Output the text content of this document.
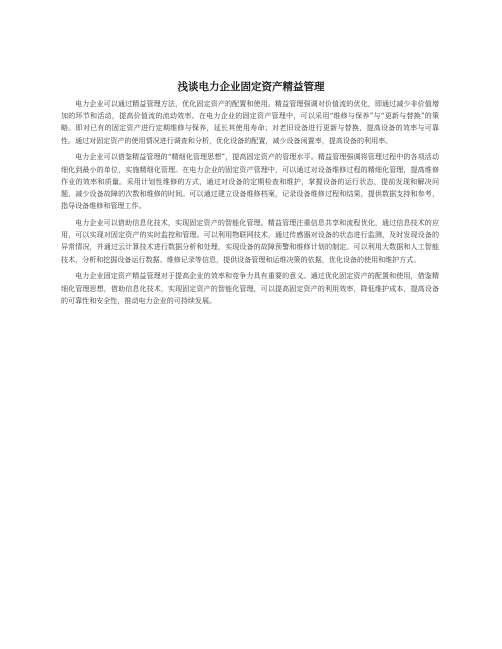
浅谈电力企业固定资产精益管理

电力企业可以通过精益管理方法，优化固定资产的配置和使用。精益管理强调对价值流的优化，即通过减少非价值增加的环节和活动，提高价值流的流动效率。在电力企业的固定资产管理中，可以采用“维修与保养”与“更新与替换”的策略。即对已有的固定资产进行定期维修与保养，延长其使用寿命；对老旧设备进行更新与替换，提高设备的效率与可靠性。通过对固定资产的使用情况进行调查和分析，优化设备的配置，减少设备闲置率，提高设备的利用率。

电力企业可以借鉴精益管理的“精细化管理思想”，提高固定资产的管理水平。精益管理强调将管理过程中的各项活动细化到最小的单位，实施精细化管理。在电力企业的固定资产管理中，可以通过对设备维修过程的精细化管理，提高维修作业的效率和质量。采用计划性维修的方式，通过对设备的定期检查和维护，掌握设备的运行状态，提前发现和解决问题，减少设备故障的次数和维修的时间。可以通过建立设备维修档案，记录设备维修过程和结果，提供数据支持和参考，指导设备维修和管理工作。

电力企业可以借助信息化技术，实现固定资产的智能化管理。精益管理注重信息共享和流程优化，通过信息技术的应用，可以实现对固定资产的实时监控和管理。可以利用物联网技术，通过传感器对设备的状态进行监测，及时发现设备的异常情况，并通过云计算技术进行数据分析和处理，实现设备的故障预警和维修计划的制定。可以利用大数据和人工智能技术，分析和挖掘设备运行数据、维修记录等信息，提供设备管理和运维决策的依据，优化设备的使用和维护方式。

电力企业固定资产精益管理对于提高企业的效率和竞争力具有重要的意义。通过优化固定资产的配置和使用，借鉴精细化管理思想，借助信息化技术，实现固定资产的智能化管理，可以提高固定资产的利用效率，降低维护成本，提高设备的可靠性和安全性，推动电力企业的可持续发展。
